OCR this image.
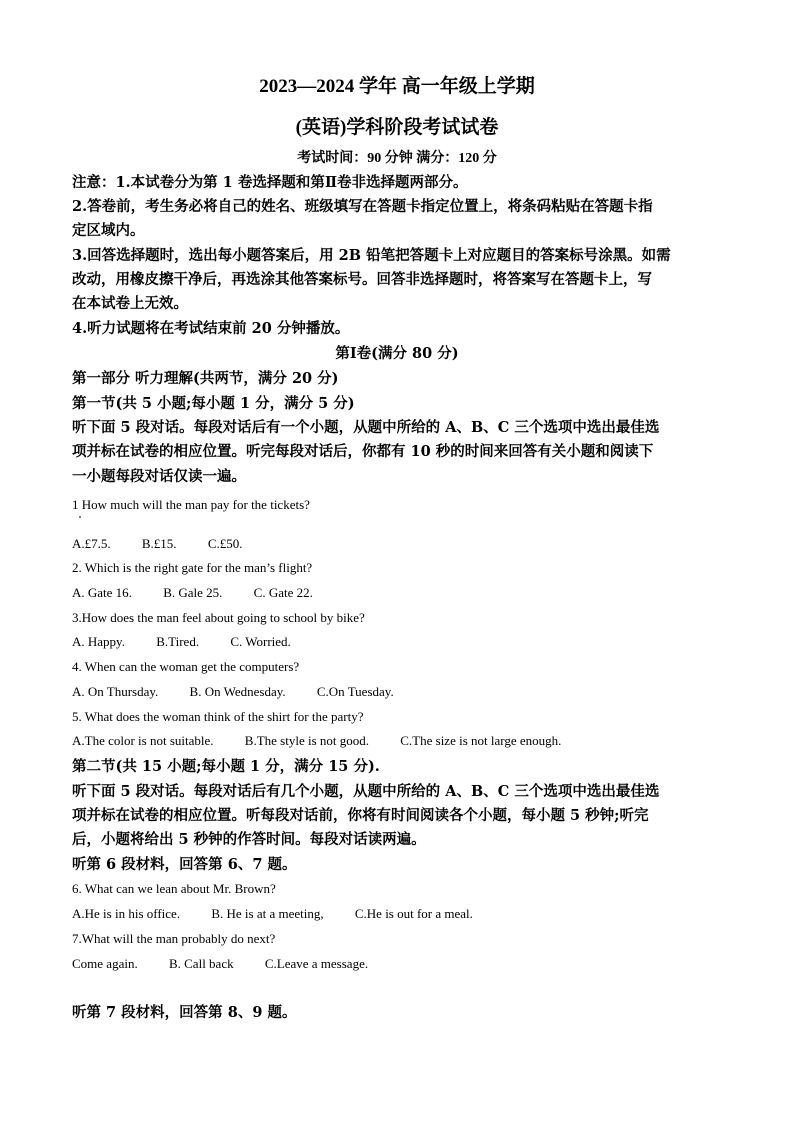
2023—2024 学年 高一年级上学期
(英语)学科阶段考试试卷
考试时间：90 分钟 满分：120 分
注意：1.本试卷分为第 1 卷选择题和第Ⅱ卷非选择题两部分。
2.答卷前，考生务必将自己的姓名、班级填写在答题卡指定位置上，将条码粘贴在答题卡指
定区域内。
3.回答选择题时，选出每小题答案后，用 2B 铅笔把答题卡上对应题目的答案标号涂黑。如需
改动，用橡皮擦干净后，再选涂其他答案标号。回答非选择题时，将答案写在答题卡上，写
在本试卷上无效。
4.听力试题将在考试结束前 20 分钟播放。
第Ⅰ卷(满分 80 分)
第一部分 听力理解(共两节，满分 20 分)
第一节(共 5 小题;每小题 1 分，满分 5 分)
听下面 5 段对话。每段对话后有一个小题，从题中所给的 A、B、C 三个选项中选出最佳选
项并标在试卷的相应位置。听完每段对话后，你都有 10 秒的时间来回答有关小题和阅读下
一小题每段对话仅读一遍。
1 How much will the man pay for the tickets?
A.£7.5. B.£15. C.£50.
2. Which is the right gate for the man’s flight?
A. Gate 16. B. Gale 25. C. Gate 22.
3.How does the man feel about going to school by bike?
A. Happy. B.Tired. C. Worried.
4. When can the woman get the computers?
A. On Thursday. B. On Wednesday. C.On Tuesday.
5. What does the woman think of the shirt for the party?
A.The color is not suitable. B.The style is not good. C.The size is not large enough.
第二节(共 15 小题;每小题 1 分，满分 15 分).
听下面 5 段对话。每段对话后有几个小题，从题中所给的 A、B、C 三个选项中选出最佳选
项并标在试卷的相应位置。听每段对话前，你将有时间阅读各个小题，每小题 5 秒钟;听完
后，小题将给出 5 秒钟的作答时间。每段对话读两遍。
听第 6 段材料，回答第 6、7 题。
6. What can we lean about Mr. Brown?
A.He is in his office. B. He is at a meeting, C.He is out for a meal.
7.What will the man probably do next?
Come again. B. Call back C.Leave a message.
听第 7 段材料，回答第 8、9 题。
